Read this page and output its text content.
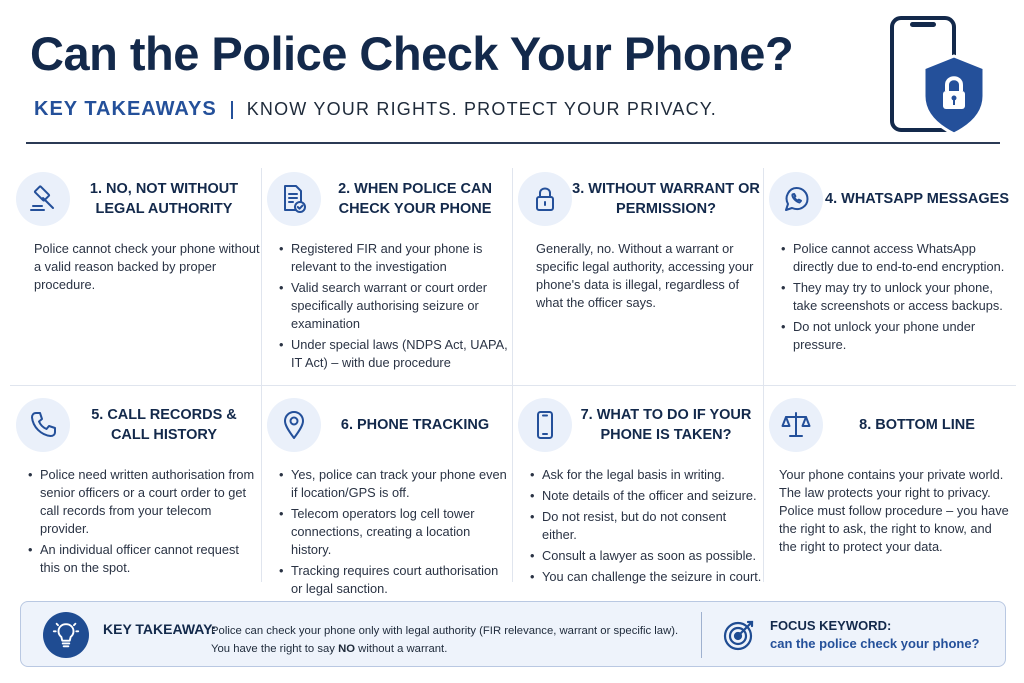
Can the Police Check Your Phone?
KEY TAKEAWAYS KNOW YOUR RIGHTS. PROTECT YOUR PRIVACY.
1. NO, NOT WITHOUT LEGAL AUTHORITY

Police cannot check your phone without a valid reason backed by proper procedure.

2. WHEN POLICE CAN CHECK YOUR PHONE
• Registered FIR and your phone is relevant to the investigation
• Valid search warrant or court order specifically authorising seizure or examination
• Under special laws (NDPS Act, UAPA, IT Act) – with due procedure
3. WITHOUT WARRANT OR PERMISSION?

Generally, no. Without a warrant or specific legal authority, accessing your phone's data is illegal, regardless of what the officer says.

4. WHATSAPP MESSAGES
• Police cannot access WhatsApp directly due to end-to-end encryption.
• They may try to unlock your phone, take screenshots or access backups.
• Do not unlock your phone under pressure.
5. CALL RECORDS & CALL HISTORY
• Police need written authorisation from senior officers or a court order to get call records from your telecom provider.
• An individual officer cannot request this on the spot.
6. PHONE TRACKING
• Yes, police can track your phone even if location/GPS is off.
• Telecom operators log cell tower connections, creating a location history.
• Tracking requires court authorisation or legal sanction.
7. WHAT TO DO IF YOUR PHONE IS TAKEN?
• Ask for the legal basis in writing.
• Note details of the officer and seizure.
• Do not resist, but do not consent either.
• Consult a lawyer as soon as possible.
• You can challenge the seizure in court.
8. BOTTOM LINE

Your phone contains your private world. The law protects your right to privacy. Police must follow procedure – you have the right to ask, the right to know, and the right to protect your data.

KEY TAKEAWAY:
Police can check your phone only with legal authority (FIR relevance, warrant or specific law).
You have the right to say NO without a warrant.
FOCUS KEYWORD:
can the police check your phone?
